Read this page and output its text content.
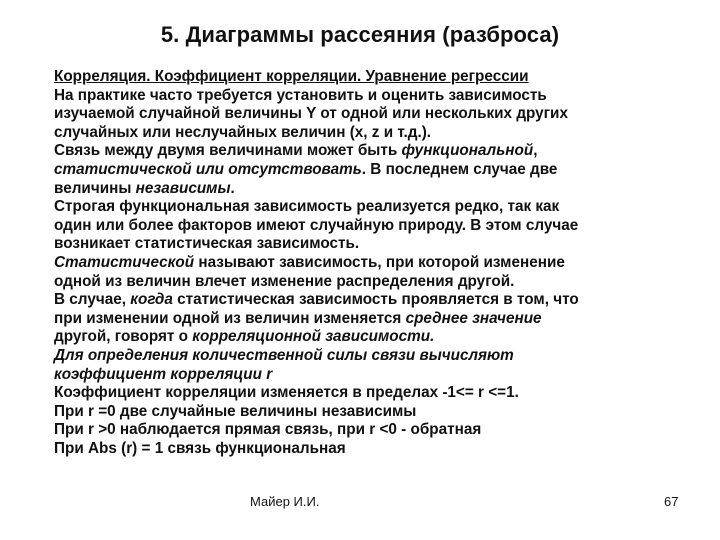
5. Диаграммы рассеяния (разброса)
Корреляция. Коэффициент корреляции. Уравнение регрессии
На практике часто требуется установить и оценить зависимость
изучаемой случайной величины Y от одной или нескольких других
случайных или неслучайных величин (x, z и т.д.).
Связь между двумя величинами может быть функциональной,
статистической или отсутствовать. В последнем случае две
величины независимы.
Строгая функциональная зависимость реализуется редко, так как
один или более факторов имеют случайную природу. В этом случае
возникает статистическая зависимость.
Статистической называют зависимость, при которой изменение
одной из величин влечет изменение распределения другой.
В случае, когда статистическая зависимость проявляется в том, что
при изменении одной из величин изменяется среднее значение
другой, говорят о корреляционной зависимости.
Для определения количественной силы связи вычисляют
коэффициент корреляции r
Коэффициент корреляции изменяется в пределах -1<= r <=1.
При r =0 две случайные величины независимы
При r >0 наблюдается прямая связь, при r <0 - обратная
При Abs (r) = 1 связь функциональная
Майер И.И.	67
